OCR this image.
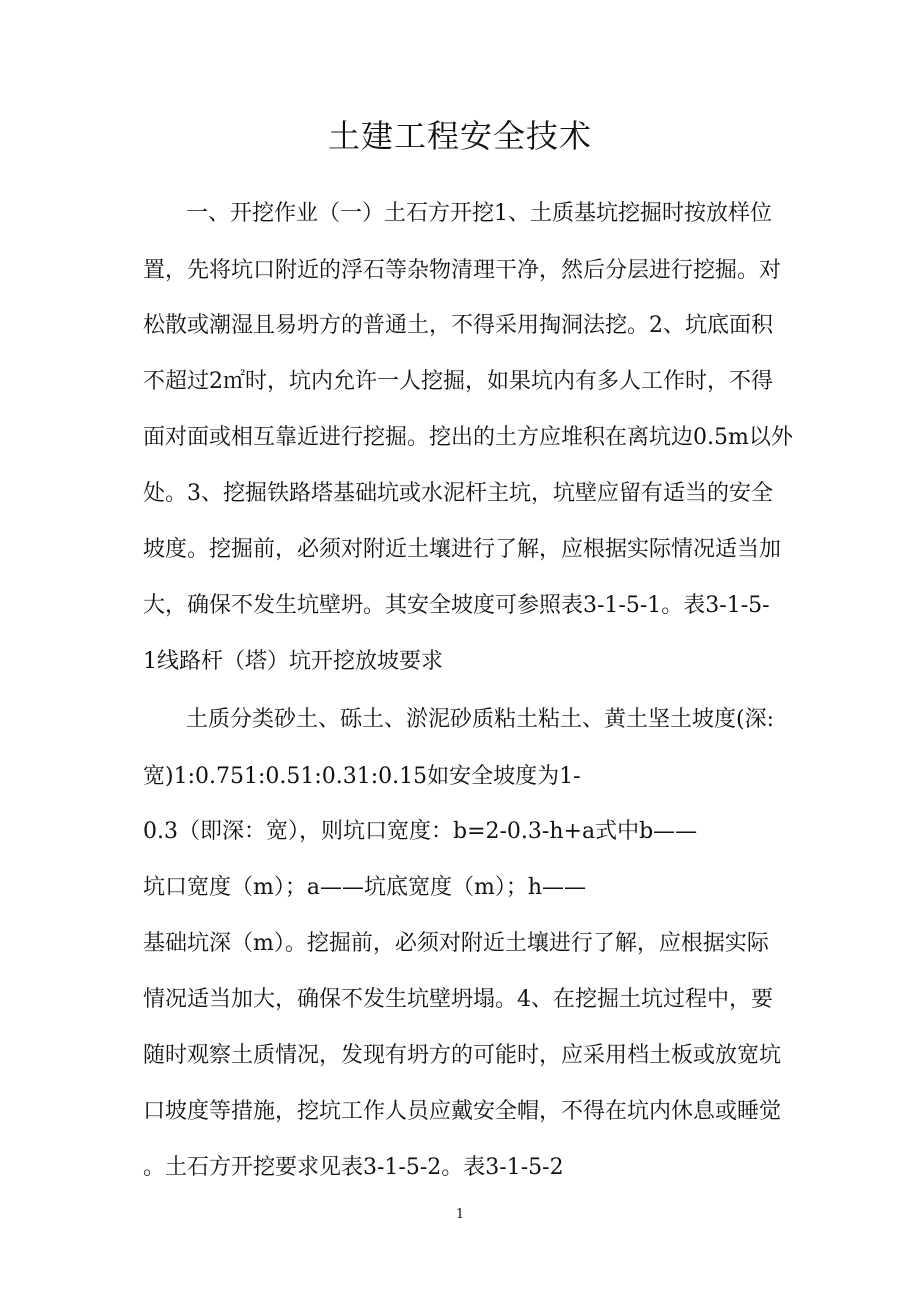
土建工程安全技术

一、开挖作业（一）土石方开挖1、土质基坑挖掘时按放样位

置，先将坑口附近的浮石等杂物清理干净，然后分层进行挖掘。对

松散或潮湿且易坍方的普通土，不得采用掏洞法挖。2、坑底面积

不超过2㎡时，坑内允许一人挖掘，如果坑内有多人工作时，不得

面对面或相互靠近进行挖掘。挖出的土方应堆积在离坑边0.5m以外

处。3、挖掘铁路塔基础坑或水泥杆主坑，坑壁应留有适当的安全

坡度。挖掘前，必须对附近土壤进行了解，应根据实际情况适当加

大，确保不发生坑壁坍。其安全坡度可参照表3-1-5-1。表3-1-5-

1线路杆（塔）坑开挖放坡要求

土质分类砂土、砾土、淤泥砂质粘土粘土、黄土坚土坡度(深:

宽)1:0.751:0.51:0.31:0.15如安全坡度为1-

0.3（即深：宽），则坑口宽度：b=2-0.3-h+a式中b——

坑口宽度（m）；a——坑底宽度（m）；h——

基础坑深（m）。挖掘前，必须对附近土壤进行了解，应根据实际

情况适当加大，确保不发生坑壁坍塌。4、在挖掘土坑过程中，要

随时观察土质情况，发现有坍方的可能时，应采用档土板或放宽坑

口坡度等措施，挖坑工作人员应戴安全帽，不得在坑内休息或睡觉

。土石方开挖要求见表3-1-5-2。表3-1-5-2

1
